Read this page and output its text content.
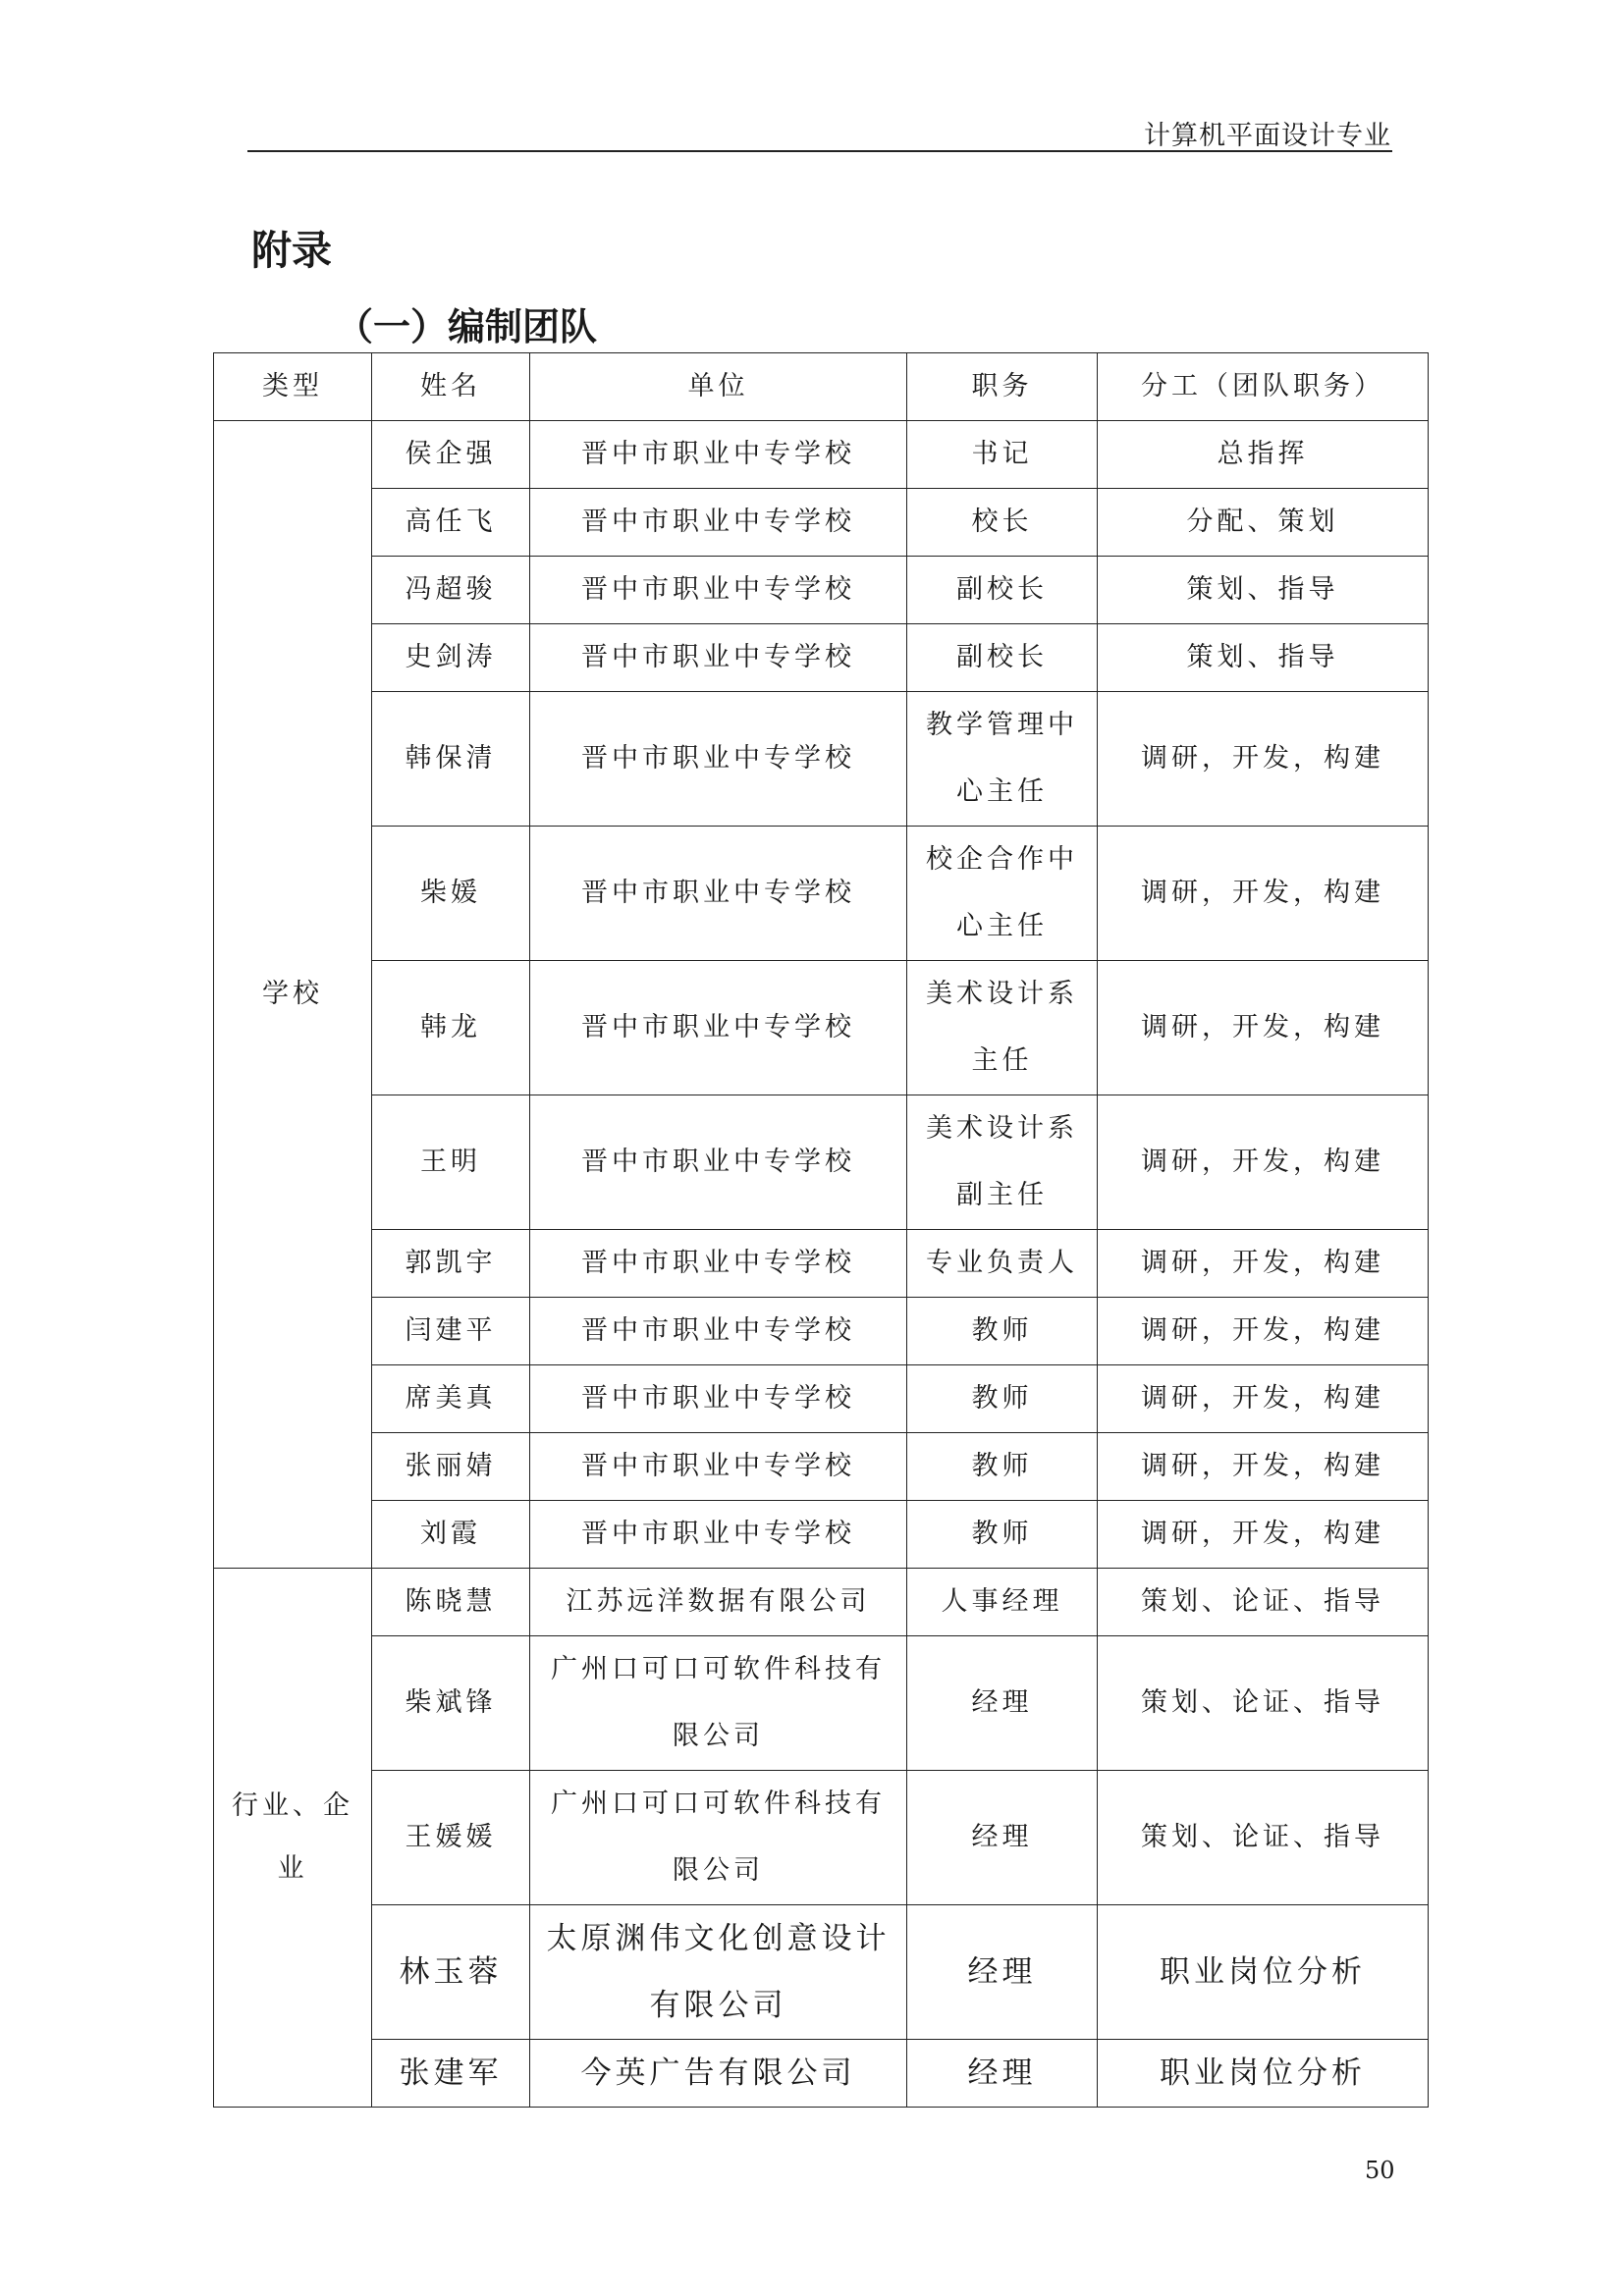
计算机平面设计专业
附录
（一）编制团队
类型	姓名	单位	职务	分工（团队职务）
学校	侯企强	晋中市职业中专学校	书记	总指挥
	高任飞	晋中市职业中专学校	校长	分配、策划
	冯超骏	晋中市职业中专学校	副校长	策划、指导
	史剑涛	晋中市职业中专学校	副校长	策划、指导
	韩保清	晋中市职业中专学校	教学管理中心主任	调研，开发，构建
	柴媛	晋中市职业中专学校	校企合作中心主任	调研，开发，构建
	韩龙	晋中市职业中专学校	美术设计系主任	调研，开发，构建
	王明	晋中市职业中专学校	美术设计系副主任	调研，开发，构建
	郭凯宇	晋中市职业中专学校	专业负责人	调研，开发，构建
	闫建平	晋中市职业中专学校	教师	调研，开发，构建
	席美真	晋中市职业中专学校	教师	调研，开发，构建
	张丽婧	晋中市职业中专学校	教师	调研，开发，构建
	刘霞	晋中市职业中专学校	教师	调研，开发，构建
行业、企业	陈晓慧	江苏远洋数据有限公司	人事经理	策划、论证、指导
	柴斌锋	广州口可口可软件科技有限公司	经理	策划、论证、指导
	王媛媛	广州口可口可软件科技有限公司	经理	策划、论证、指导
	林玉蓉	太原渊伟文化创意设计有限公司	经理	职业岗位分析
	张建军	今英广告有限公司	经理	职业岗位分析
50
